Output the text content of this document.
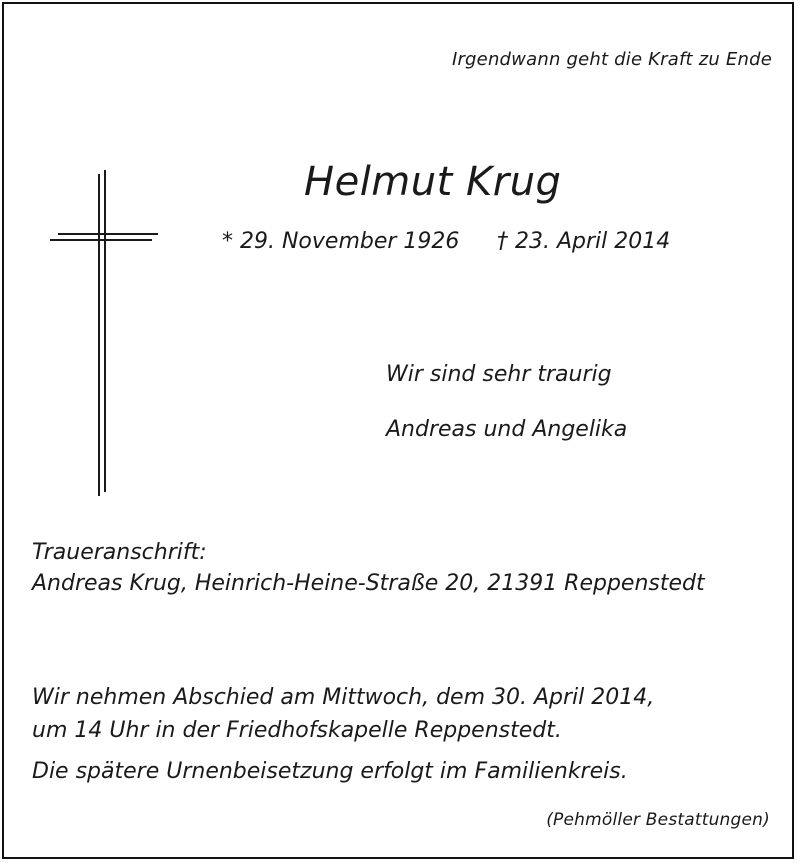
Irgendwann geht die Kraft zu Ende

Helmut Krug

* 29. November 1926 † 23. April 2014

Wir sind sehr traurig

Andreas und Angelika

Traueranschrift:

Andreas Krug, Heinrich-Heine-Straße 20, 21391 Reppenstedt

Wir nehmen Abschied am Mittwoch, dem 30. April 2014,

um 14 Uhr in der Friedhofskapelle Reppenstedt.

Die spätere Urnenbeisetzung erfolgt im Familienkreis.

(Pehmöller Bestattungen)
